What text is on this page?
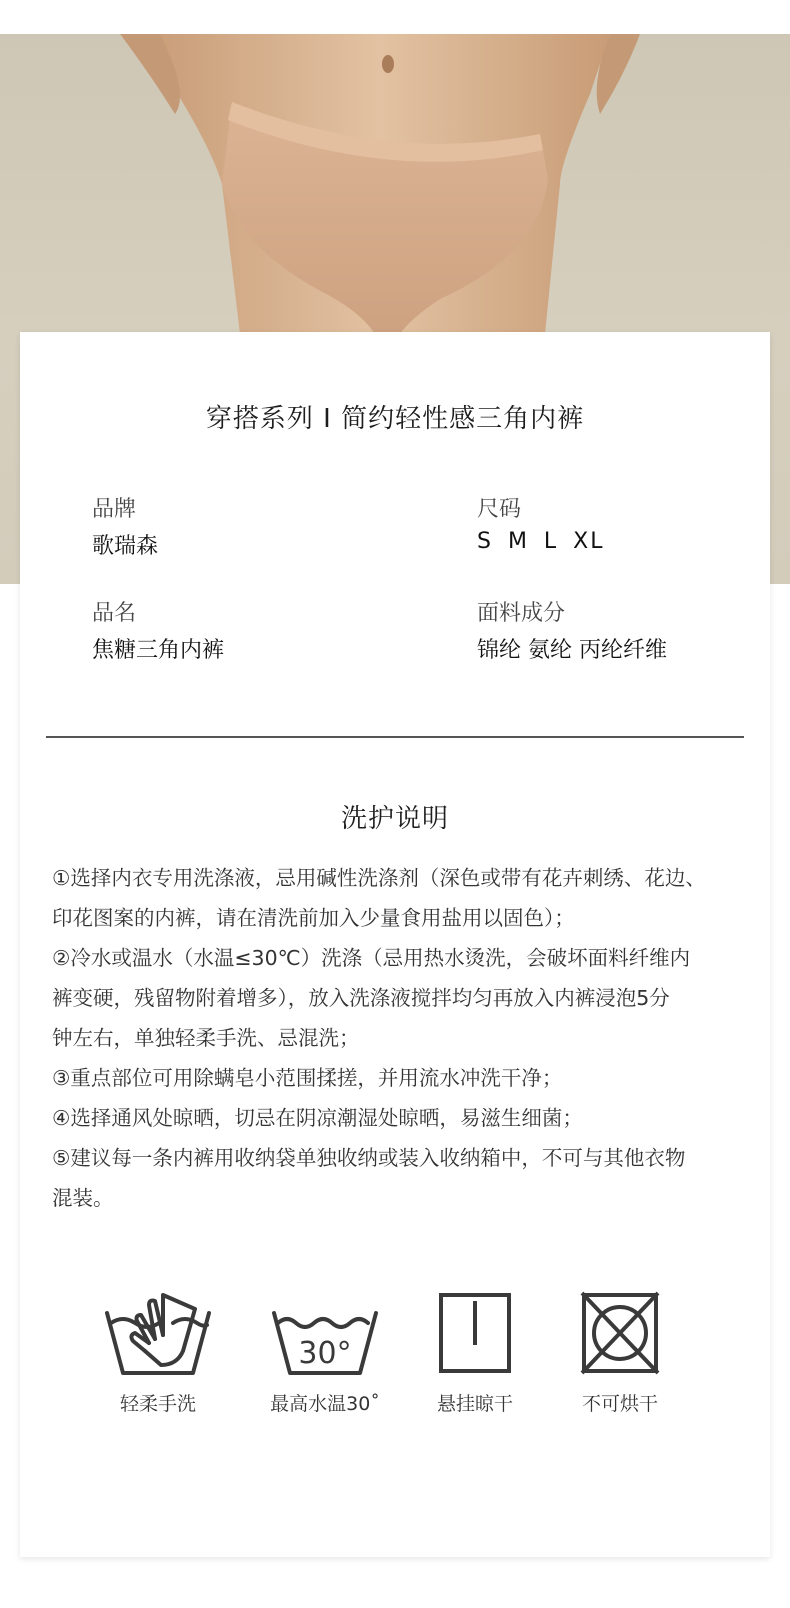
穿搭系列 I 简约轻性感三角内裤
品牌
歌瑞森
尺码
S M L XL
品名
焦糖三角内裤
面料成分
锦纶 氨纶 丙纶纤维
洗护说明
①选择内衣专用洗涤液，忌用碱性洗涤剂（深色或带有花卉刺绣、花边、
印花图案的内裤，请在清洗前加入少量食用盐用以固色）；
②冷水或温水（水温≤30℃）洗涤（忌用热水烫洗，会破坏面料纤维内
裤变硬，残留物附着增多），放入洗涤液搅拌均匀再放入内裤浸泡5分
钟左右，单独轻柔手洗、忌混洗；
③重点部位可用除螨皂小范围揉搓，并用流水冲洗干净；
④选择通风处晾晒，切忌在阴凉潮湿处晾晒，易滋生细菌；
⑤建议每一条内裤用收纳袋单独收纳或装入收纳箱中，不可与其他衣物
混装。
轻柔手洗
30°
最高水温30˚	悬挂晾干	不可烘干
